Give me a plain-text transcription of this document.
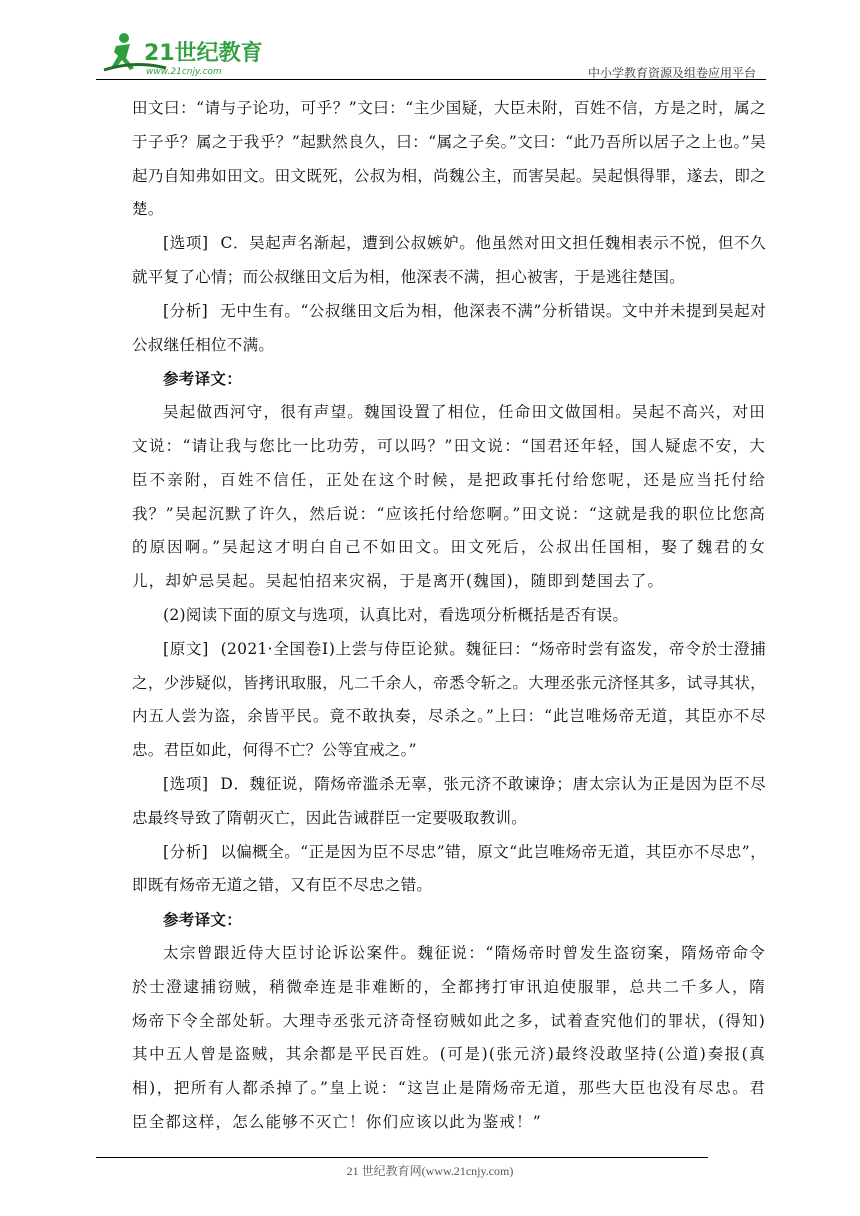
21世纪教育
www.21cnjy.com	中小学教育资源及组卷应用平台

田文曰：“请与子论功，可乎？”文曰：“主少国疑，大臣未附，百姓不信，方是之时，属之于子乎？属之于我乎？”起默然良久，曰：“属之子矣。”文曰：“此乃吾所以居子之上也。”吴起乃自知弗如田文。田文既死，公叔为相，尚魏公主，而害吴起。吴起惧得罪，遂去，即之楚。

[选项]  C．吴起声名渐起，遭到公叔嫉妒。他虽然对田文担任魏相表示不悦，但不久就平复了心情；而公叔继田文后为相，他深表不满，担心被害，于是逃往楚国。

[分析]  无中生有。“公叔继田文后为相，他深表不满”分析错误。文中并未提到吴起对公叔继任相位不满。

参考译文：

吴起做西河守，很有声望。魏国设置了相位，任命田文做国相。吴起不高兴，对田文说：“请让我与您比一比功劳，可以吗？”田文说：“国君还年轻，国人疑虑不安，大臣不亲附，百姓不信任，正处在这个时候，是把政事托付给您呢，还是应当托付给我？”吴起沉默了许久，然后说：“应该托付给您啊。”田文说：“这就是我的职位比您高的原因啊。”吴起这才明白自己不如田文。田文死后，公叔出任国相，娶了魏君的女儿，却妒忌吴起。吴起怕招来灾祸，于是离开(魏国)，随即到楚国去了。

(2)阅读下面的原文与选项，认真比对，看选项分析概括是否有误。

[原文]  (2021·全国卷Ⅰ)上尝与侍臣论狱。魏征曰：“炀帝时尝有盗发，帝令於士澄捕之，少涉疑似，皆拷讯取服，凡二千余人，帝悉令斩之。大理丞张元济怪其多，试寻其状，内五人尝为盗，余皆平民。竟不敢执奏，尽杀之。”上曰：“此岂唯炀帝无道，其臣亦不尽忠。君臣如此，何得不亡？公等宜戒之。”

[选项]  D．魏征说，隋炀帝滥杀无辜，张元济不敢谏诤；唐太宗认为正是因为臣不尽忠最终导致了隋朝灭亡，因此告诫群臣一定要吸取教训。

[分析]  以偏概全。“正是因为臣不尽忠”错，原文“此岂唯炀帝无道，其臣亦不尽忠”，即既有炀帝无道之错，又有臣不尽忠之错。

参考译文：

太宗曾跟近侍大臣讨论诉讼案件。魏征说：“隋炀帝时曾发生盗窃案，隋炀帝命令於士澄逮捕窃贼，稍微牵连是非难断的，全都拷打审讯迫使服罪，总共二千多人，隋炀帝下令全部处斩。大理寺丞张元济奇怪窃贼如此之多，试着查究他们的罪状，(得知)其中五人曾是盗贼，其余都是平民百姓。(可是)(张元济)最终没敢坚持(公道)奏报(真相)，把所有人都杀掉了。”皇上说：“这岂止是隋炀帝无道，那些大臣也没有尽忠。君臣全都这样，怎么能够不灭亡！你们应该以此为鉴戒！”

21 世纪教育网(www.21cnjy.com)
